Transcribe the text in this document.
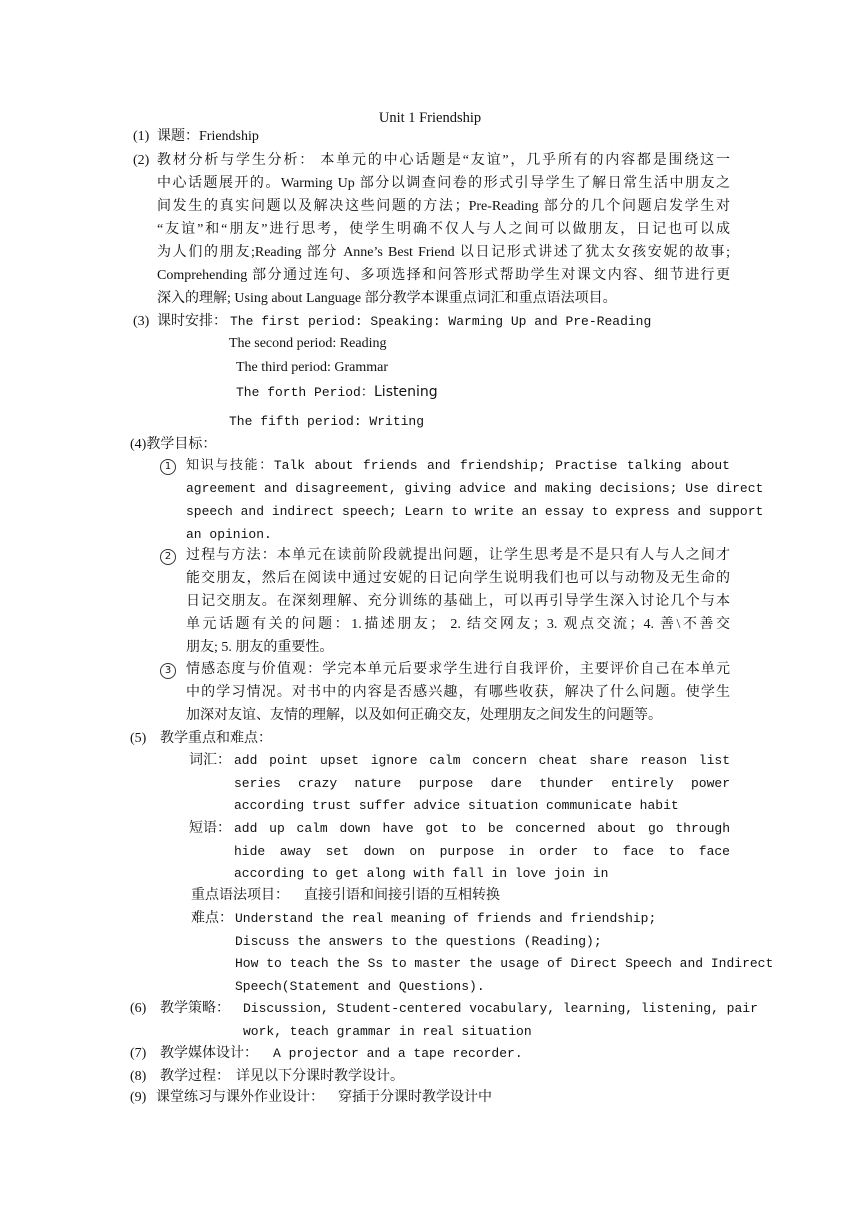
Unit 1 Friendship
(1) 课题：Friendship
(2) 教材分析与学生分析： 本单元的中心话题是“友谊”，几乎所有的内容都是围绕这一
中心话题展开的。Warming Up 部分以调查问卷的形式引导学生了解日常生活中朋友之
间发生的真实问题以及解决这些问题的方法；Pre-Reading 部分的几个问题启发学生对
“友谊”和“朋友”进行思考，使学生明确不仅人与人之间可以做朋友，日记也可以成
为人们的朋友;Reading 部分 Anne’s Best Friend 以日记形式讲述了犹太女孩安妮的故事;
Comprehending 部分通过连句、多项选择和问答形式帮助学生对课文内容、细节进行更
深入的理解; Using about Language 部分教学本课重点词汇和重点语法项目。
(3) 课时安排： The first period: Speaking: Warming Up and Pre-Reading
The second period: Reading
The third period: Grammar
The forth Period： Listening
The fifth period: Writing
(4)教学目标：
1	知识与技能：Talk about friends and friendship; Practise talking about
agreement and disagreement, giving advice and making decisions; Use direct
speech and indirect speech; Learn to write an essay to express and support
an opinion.
2	过程与方法：本单元在读前阶段就提出问题，让学生思考是不是只有人与人之间才
能交朋友，然后在阅读中通过安妮的日记向学生说明我们也可以与动物及无生命的
日记交朋友。在深刻理解、充分训练的基础上，可以再引导学生深入讨论几个与本
单元话题有关的问题：1.描述朋友； 2. 结交网友；3. 观点交流；4. 善\不善交
朋友; 5. 朋友的重要性。
3	情感态度与价值观：学完本单元后要求学生进行自我评价，主要评价自己在本单元
中的学习情况。对书中的内容是否感兴趣，有哪些收获，解决了什么问题。使学生
加深对友谊、友情的理解，以及如何正确交友，处理朋友之间发生的问题等。
(5) 教学重点和难点：
词汇： add point upset ignore calm concern cheat share reason list
series crazy nature purpose dare thunder entirely power
according trust suffer advice situation communicate habit
短语： add up calm down have got to be concerned about go through
hide away set down on purpose in order to face to face
according to get along with fall in love join in
重点语法项目： 直接引语和间接引语的互相转换
难点： Understand the real meaning of friends and friendship;
Discuss the answers to the questions (Reading);
How to teach the Ss to master the usage of Direct Speech and Indirect
Speech(Statement and Questions).
(6) 教学策略： Discussion, Student-centered vocabulary, learning, listening, pair
work, teach grammar in real situation
(7) 教学媒体设计： A projector and a tape recorder.
(8) 教学过程： 详见以下分课时教学设计。
(9) 课堂练习与课外作业设计： 穿插于分课时教学设计中
